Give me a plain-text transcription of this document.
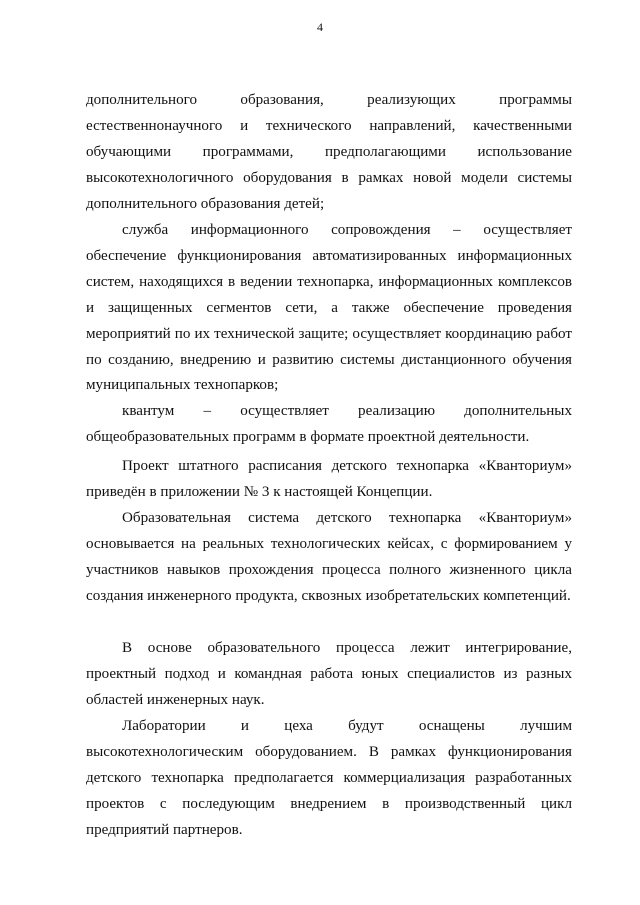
4

дополнительного образования, реализующих программы естественнонаучного и технического направлений, качественными обучающими программами, предполагающими использование высокотехнологичного оборудования в рамках новой модели системы дополнительного образования детей;

служба информационного сопровождения – осуществляет обеспечение функционирования автоматизированных информационных систем, находящихся в ведении технопарка, информационных комплексов и защищенных сегментов сети, а также обеспечение проведения мероприятий по их технической защите; осуществляет координацию работ по созданию, внедрению и развитию системы дистанционного обучения муниципальных технопарков;

квантум – осуществляет реализацию дополнительных общеобразовательных программ в формате проектной деятельности.

Проект штатного расписания детского технопарка «Кванториум» приведён в приложении № 3 к настоящей Концепции.

Образовательная система детского технопарка «Кванториум» основывается на реальных технологических кейсах, с формированием у участников навыков прохождения процесса полного жизненного цикла создания инженерного продукта, сквозных изобретательских компетенций.

В основе образовательного процесса лежит интегрирование, проектный подход и командная работа юных специалистов из разных областей инженерных наук.

Лаборатории и цеха будут оснащены лучшим высокотехнологическим оборудованием. В рамках функционирования детского технопарка предполагается коммерциализация разработанных проектов с последующим внедрением в производственный цикл предприятий партнеров.
